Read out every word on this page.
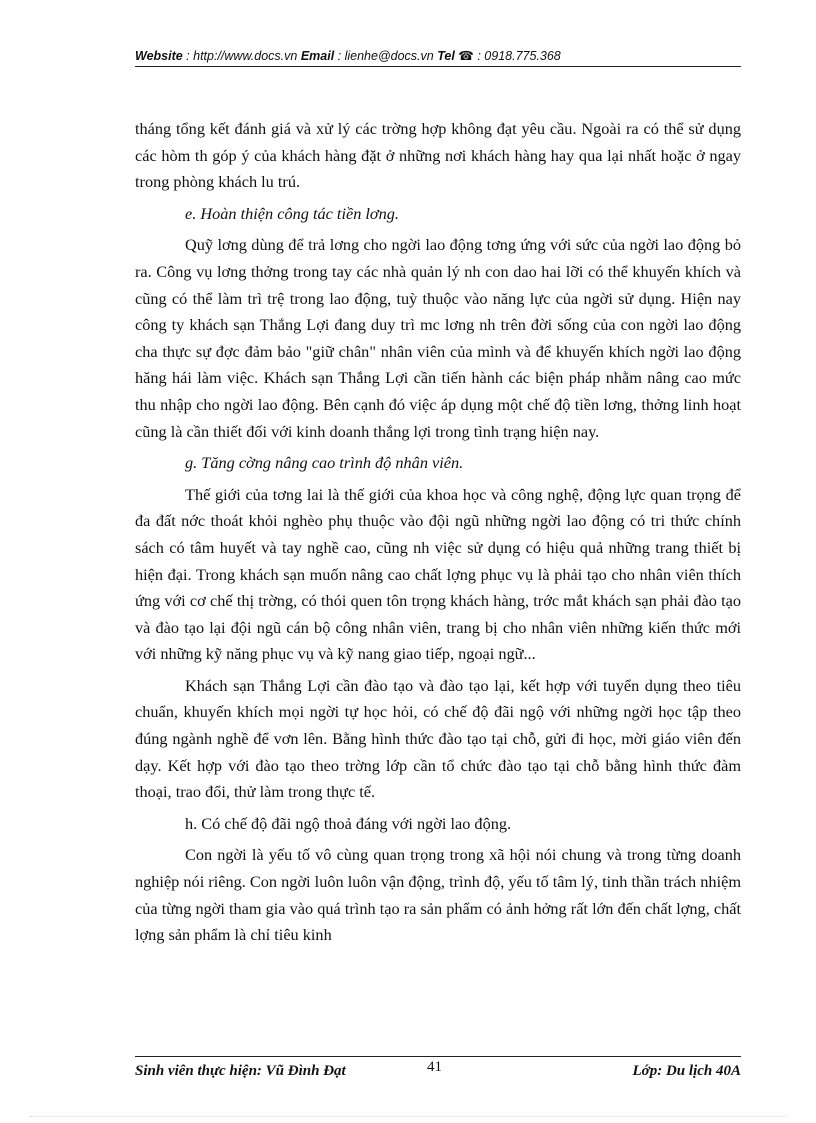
Website : http://www.docs.vn Email : lienhe@docs.vn Tel ☎ : 0918.775.368

tháng tổng kết đánh giá và xử lý các trờng hợp không đạt yêu cầu. Ngoài ra có thể sử dụng các hòm th góp ý của khách hàng đặt ở những nơi khách hàng hay qua lại nhất hoặc ở ngay trong phòng khách lu trú.

e. Hoàn thiện công tác tiền lơng.

Quỹ lơng dùng để trả lơng cho ngời lao động tơng ứng với sức của ngời lao động bỏ ra. Công vụ lơng thởng trong tay các nhà quản lý nh con dao hai lỡi có thể khuyến khích và cũng có thể làm trì trệ trong lao động, tuỳ thuộc vào năng lực của ngời sử dụng. Hiện nay công ty khách sạn Thắng Lợi đang duy trì mc lơng nh trên đời sống của con ngời lao động cha thực sự đợc đảm bảo "giữ chân" nhân viên của mình và để khuyến khích ngời lao động hăng hái làm việc. Khách sạn Thắng Lợi cần tiến hành các biện pháp nhằm nâng cao mức thu nhập cho ngời lao động. Bên cạnh đó việc áp dụng một chế độ tiền lơng, thởng linh hoạt cũng là cần thiết đối với kinh doanh thắng lợi trong tình trạng hiện nay.

g. Tăng cờng nâng cao trình độ nhân viên.

Thế giới của tơng lai là thế giới của khoa học và công nghệ, động lực quan trọng để đa đất nớc thoát khỏi nghèo phụ thuộc vào đội ngũ những ngời lao động có tri thức chính sách có tâm huyết và tay nghề cao, cũng nh việc sử dụng có hiệu quả những trang thiết bị hiện đại. Trong khách sạn muốn nâng cao chất lợng phục vụ là phải tạo cho nhân viên thích ứng với cơ chế thị trờng, có thói quen tôn trọng khách hàng, trớc mắt khách sạn phải đào tạo và đào tạo lại đội ngũ cán bộ công nhân viên, trang bị cho nhân viên những kiến thức mới với những kỹ năng phục vụ và kỹ nang giao tiếp, ngoại ngữ...

Khách sạn Thắng Lợi cần đào tạo và đào tạo lại, kết hợp với tuyển dụng theo tiêu chuẩn, khuyến khích mọi ngời tự học hỏi, có chế độ đãi ngộ với những ngời học tập theo đúng ngành nghề để vơn lên. Bằng hình thức đào tạo tại chỗ, gửi đi học, mời giáo viên đến dạy. Kết hợp với đào tạo theo trờng lớp cần tổ chức đào tạo tại chỗ bằng hình thức đàm thoại, trao đổi, thử làm trong thực tế.

h. Có chế độ đãi ngộ thoả đáng với ngời lao động.

Con ngời là yếu tố vô cùng quan trọng trong xã hội nói chung và trong từng doanh nghiệp nói riêng. Con ngời luôn luôn vận động, trình độ, yếu tố tâm lý, tinh thần trách nhiệm của từng ngời tham gia vào quá trình tạo ra sản phẩm có ảnh hởng rất lớn đến chất lợng, chất lợng sản phẩm là chỉ tiêu kinh

Sinh viên thực hiện: Vũ Đình Đạt	41	Lớp: Du lịch 40A
